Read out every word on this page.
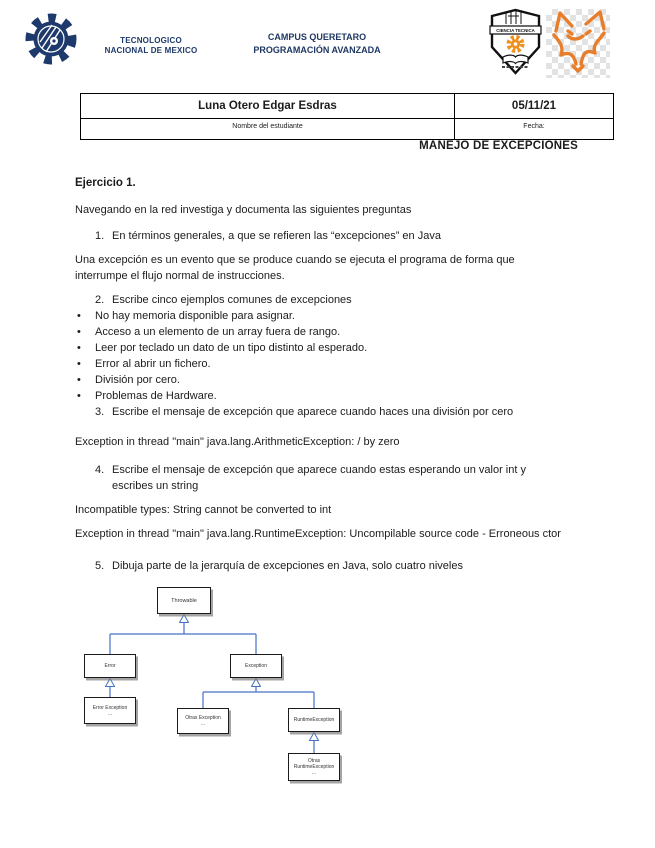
TECNOLOGICO
NACIONAL DE MEXICO
CAMPUS QUERETARO
PROGRAMACIÓN AVANZADA
CIENCIA TECNICA
Luna Otero Edgar Esdras	05/11/21
Nombre del estudiante	Fecha:
MANEJO DE EXCEPCIONES
Ejercicio 1.
Navegando en la red investiga y documenta las siguientes preguntas
1. En términos generales, a que se refieren las “excepciones” en Java
Una excepción es un evento que se produce cuando se ejecuta el programa de forma que
interrumpe el flujo normal de instrucciones.
2. Escribe cinco ejemplos comunes de excepciones
• No hay memoria disponible para asignar.
• Acceso a un elemento de un array fuera de rango.
• Leer por teclado un dato de un tipo distinto al esperado.
• Error al abrir un fichero.
• División por cero.
• Problemas de Hardware.
3. Escribe el mensaje de excepción que aparece cuando haces una división por cero
Exception in thread "main" java.lang.ArithmeticException: / by zero
4. Escribe el mensaje de excepción que aparece cuando estas esperando un valor int y
escribes un string
Incompatible types: String cannot be converted to int
Exception in thread "main" java.lang.RuntimeException: Uncompilable source code - Erroneous ctor
5. Dibuja parte de la jerarquía de excepciones en Java, solo cuatro niveles
Throwable
Error	Exception
Error Exception
…
Otras Exception
…
RuntimeException
Otras
RuntimeException
…
